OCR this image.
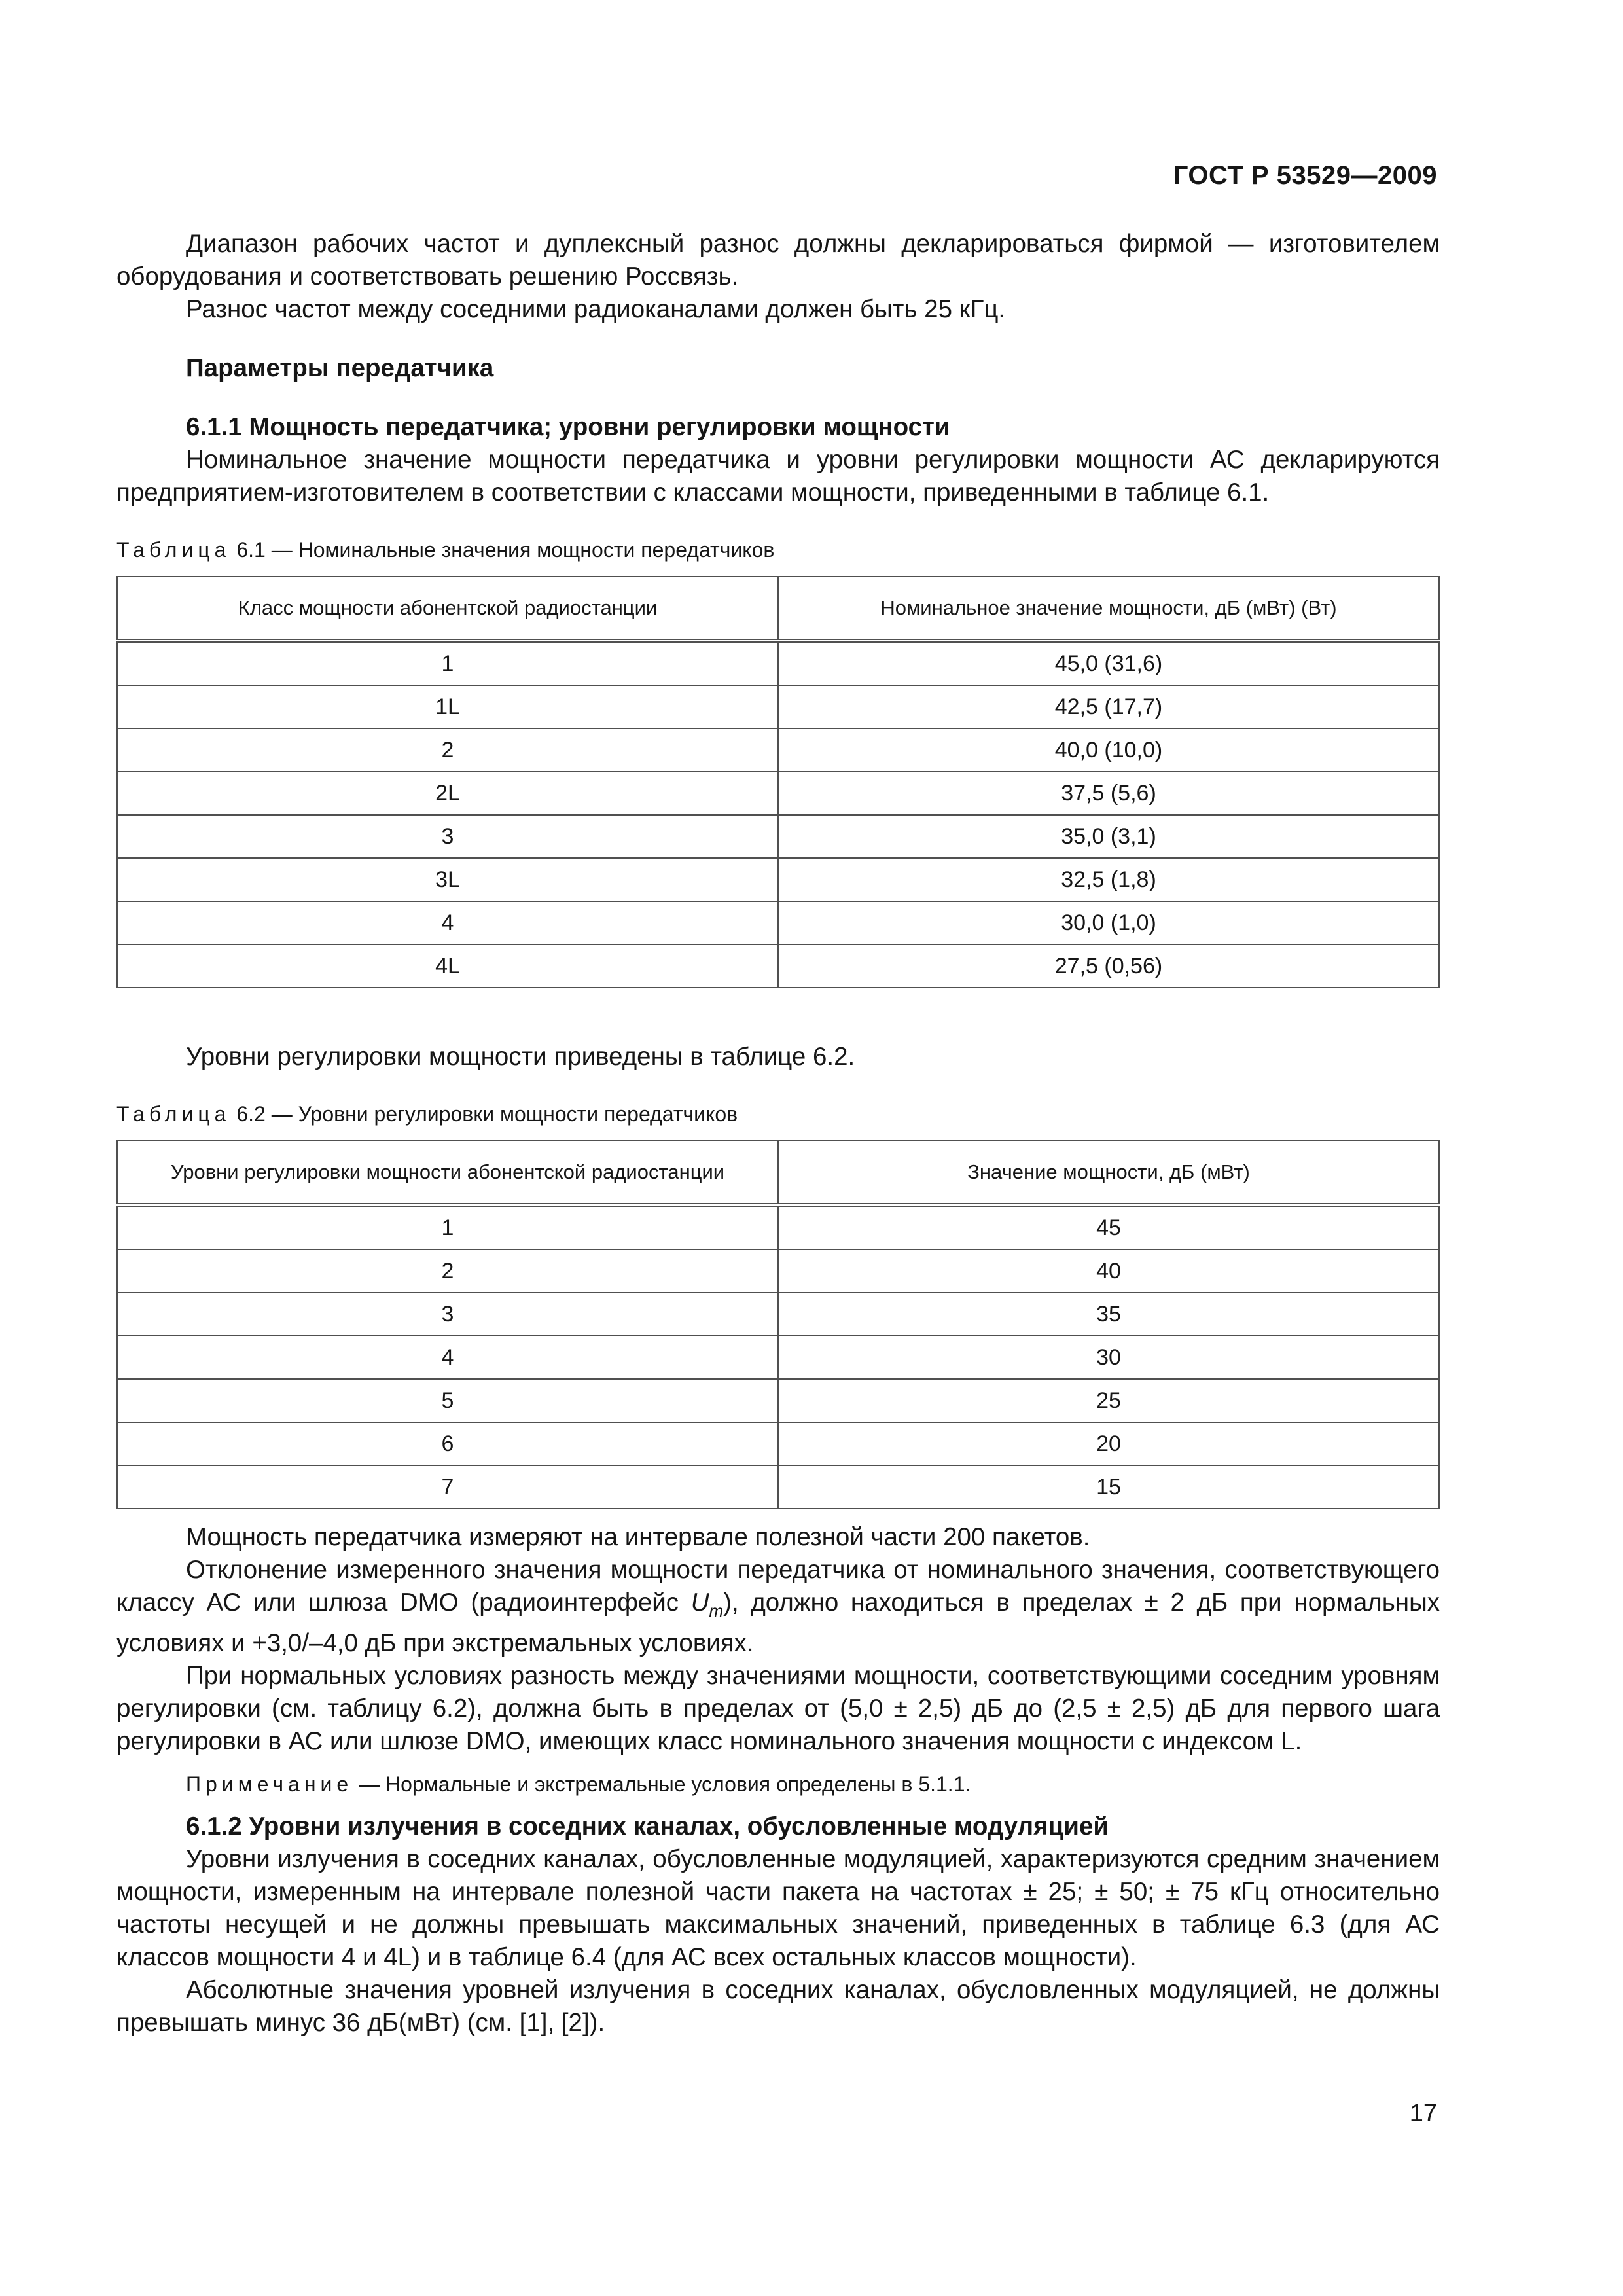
ГОСТ Р 53529—2009

Диапазон рабочих частот и дуплексный разнос должны декларироваться фирмой — изготовителем оборудования и соответствовать решению Россвязь.

Разнос частот между соседними радиоканалами должен быть 25 кГц.

Параметры передатчика

6.1.1 Мощность передатчика; уровни регулировки мощности

Номинальное значение мощности передатчика и уровни регулировки мощности АС декларируются предприятием-изготовителем в соответствии с классами мощности, приведенными в таблице 6.1.

Таблица 6.1 — Номинальные значения мощности передатчиков

Класс мощности абонентской радиостанции	Номинальное значение мощности, дБ (мВт) (Вт)
1	45,0 (31,6)
1L	42,5 (17,7)
2	40,0 (10,0)
2L	37,5 (5,6)
3	35,0 (3,1)
3L	32,5 (1,8)
4	30,0 (1,0)
4L	27,5 (0,56)

Уровни регулировки мощности приведены в таблице 6.2.

Таблица 6.2 — Уровни регулировки мощности передатчиков

Уровни регулировки мощности абонентской радиостанции	Значение мощности, дБ (мВт)
1	45
2	40
3	35
4	30
5	25
6	20
7	15

Мощность передатчика измеряют на интервале полезной части 200 пакетов.

Отклонение измеренного значения мощности передатчика от номинального значения, соответствующего классу АС или шлюза DMO (радиоинтерфейс $U_m$), должно находиться в пределах ± 2 дБ при нормальных условиях и +3,0/–4,0 дБ при экстремальных условиях.

При нормальных условиях разность между значениями мощности, соответствующими соседним уровням регулировки (см. таблицу 6.2), должна быть в пределах от (5,0 ± 2,5) дБ до (2,5 ± 2,5) дБ для первого шага регулировки в АС или шлюзе DMO, имеющих класс номинального значения мощности с индексом L.

Примечание — Нормальные и экстремальные условия определены в 5.1.1.

6.1.2 Уровни излучения в соседних каналах, обусловленные модуляцией

Уровни излучения в соседних каналах, обусловленные модуляцией, характеризуются средним значением мощности, измеренным на интервале полезной части пакета на частотах ± 25; ± 50; ± 75 кГц относительно частоты несущей и не должны превышать максимальных значений, приведенных в таблице 6.3 (для АС классов мощности 4 и 4L) и в таблице 6.4 (для АС всех остальных классов мощности).

Абсолютные значения уровней излучения в соседних каналах, обусловленных модуляцией, не должны превышать минус 36 дБ(мВт) (см. [1], [2]).

17
